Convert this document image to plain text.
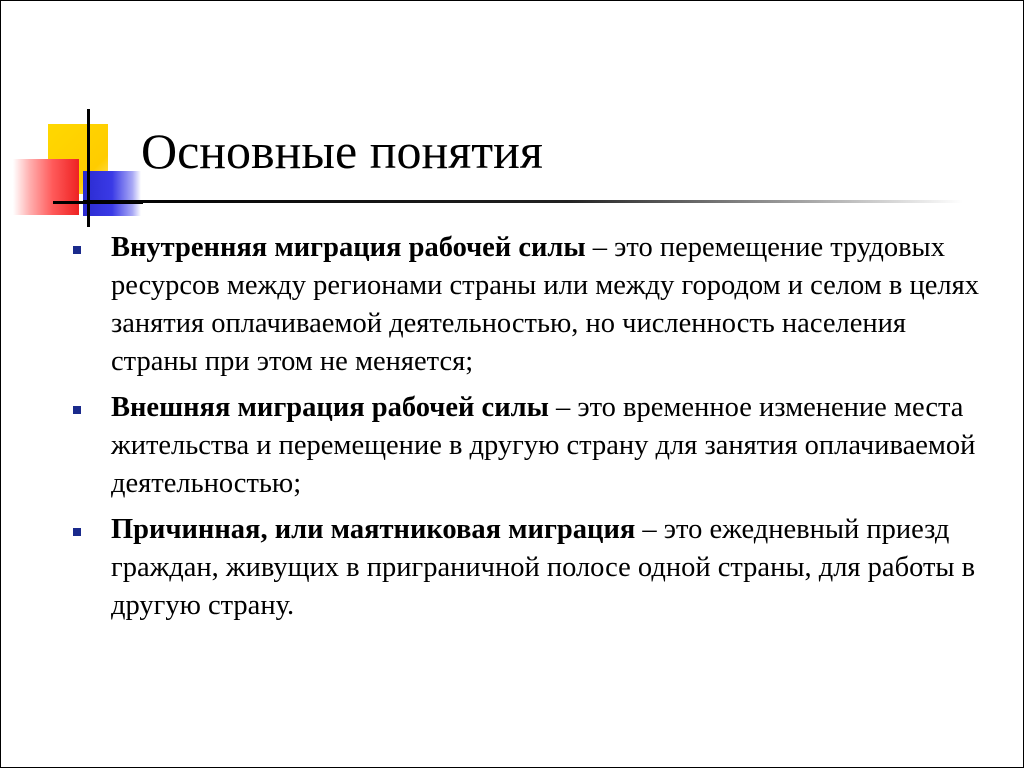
Основные понятия
Внутренняя миграция рабочей силы – это перемещение трудовых ресурсов между регионами страны или между городом и селом в целях занятия оплачиваемой деятельностью, но численность населения страны при этом не меняется;
Внешняя миграция рабочей силы – это временное изменение места жительства и перемещение в другую страну для занятия оплачиваемой деятельностью;
Причинная, или маятниковая миграция – это ежедневный приезд граждан, живущих в приграничной полосе одной страны, для работы в другую страну.
